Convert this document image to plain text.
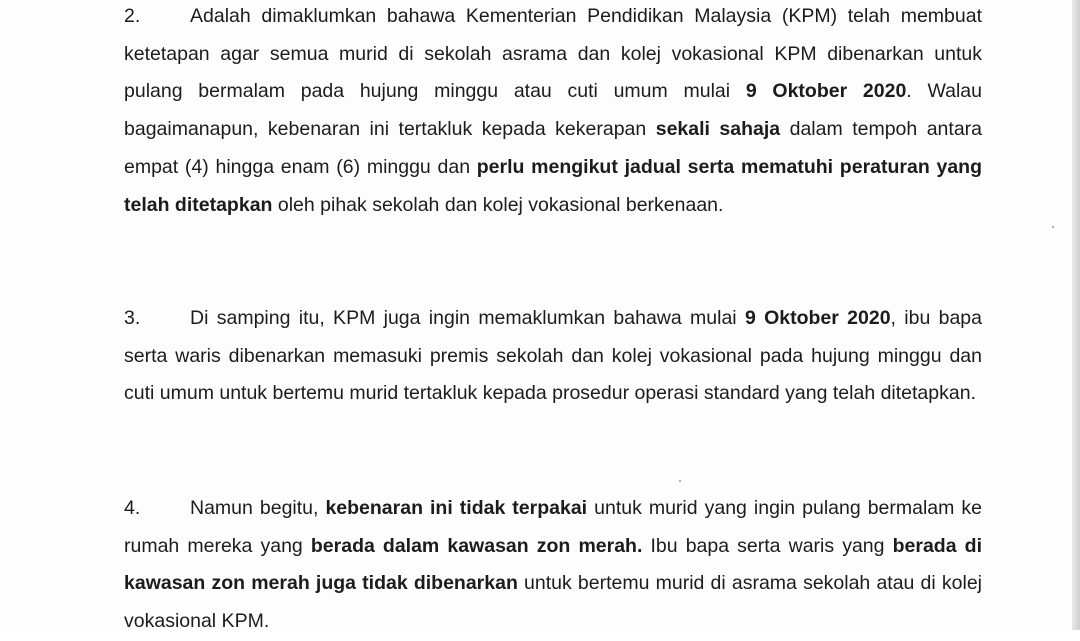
2.	Adalah dimaklumkan bahawa Kementerian Pendidikan Malaysia (KPM) telah membuat ketetapan agar semua murid di sekolah asrama dan kolej vokasional KPM dibenarkan untuk pulang bermalam pada hujung minggu atau cuti umum mulai 9 Oktober 2020. Walau bagaimanapun, kebenaran ini tertakluk kepada kekerapan sekali sahaja dalam tempoh antara empat (4) hingga enam (6) minggu dan perlu mengikut jadual serta mematuhi peraturan yang telah ditetapkan oleh pihak sekolah dan kolej vokasional berkenaan.

3.	Di samping itu, KPM juga ingin memaklumkan bahawa mulai 9 Oktober 2020, ibu bapa serta waris dibenarkan memasuki premis sekolah dan kolej vokasional pada hujung minggu dan cuti umum untuk bertemu murid tertakluk kepada prosedur operasi standard yang telah ditetapkan.

4.	Namun begitu, kebenaran ini tidak terpakai untuk murid yang ingin pulang bermalam ke rumah mereka yang berada dalam kawasan zon merah. Ibu bapa serta waris yang berada di kawasan zon merah juga tidak dibenarkan untuk bertemu murid di asrama sekolah atau di kolej vokasional KPM.
